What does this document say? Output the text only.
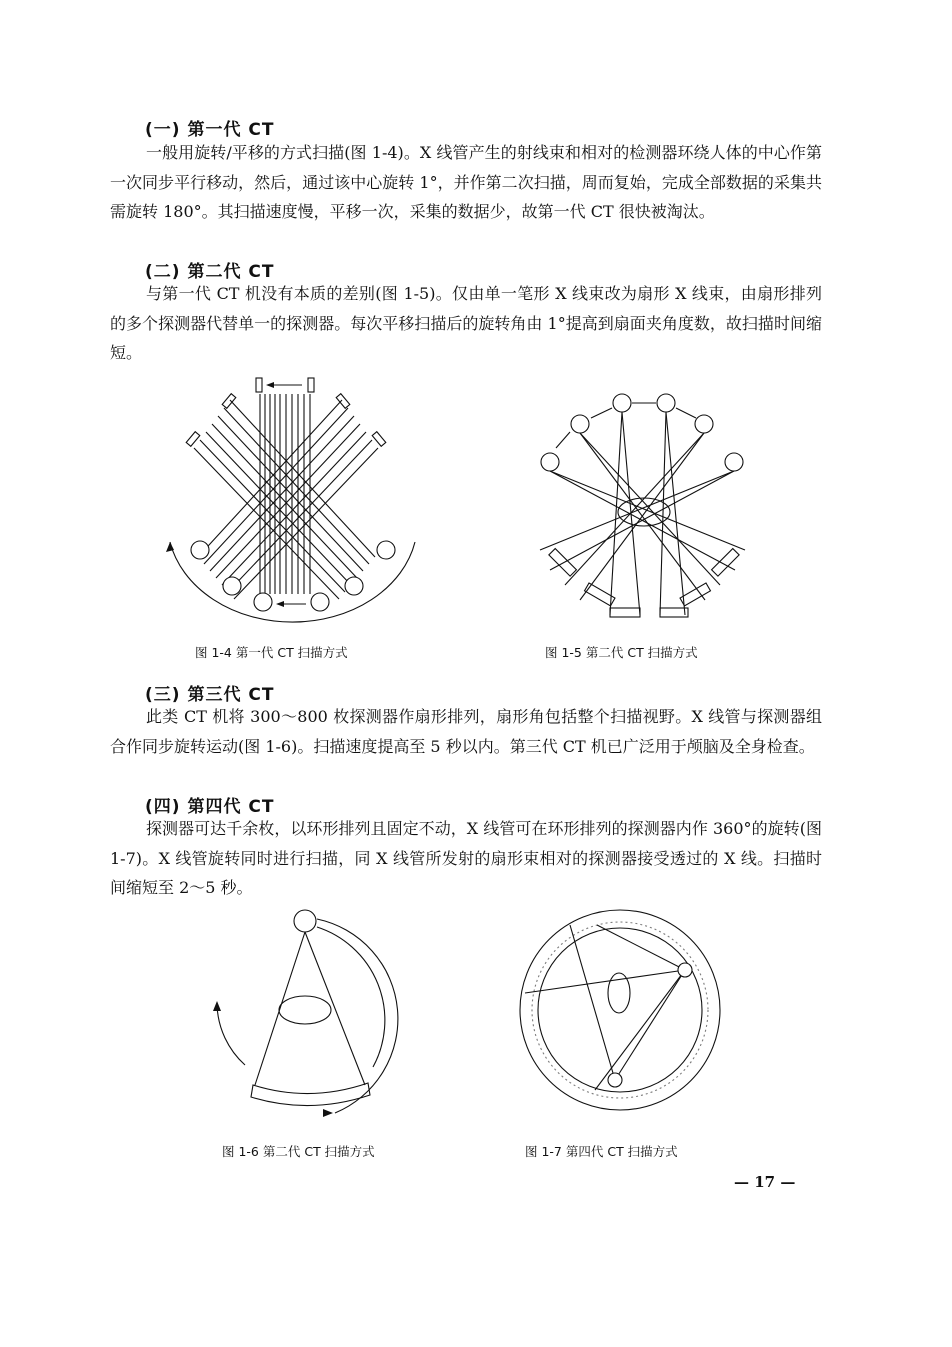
(一) 第一代 CT
一般用旋转/平移的方式扫描(图 1-4)。X 线管产生的射线束和相对的检测器环绕人体的中心作第一次同步平行移动，然后，通过该中心旋转 1°，并作第二次扫描，周而复始，完成全部数据的采集共需旋转 180°。其扫描速度慢，平移一次，采集的数据少，故第一代 CT 很快被淘汰。
(二) 第二代 CT
与第一代 CT 机没有本质的差别(图 1-5)。仅由单一笔形 X 线束改为扇形 X 线束，由扇形排列的多个探测器代替单一的探测器。每次平移扫描后的旋转角由 1°提高到扇面夹角度数，故扫描时间缩短。
图 1-4 第一代 CT 扫描方式	图 1-5 第二代 CT 扫描方式
(三) 第三代 CT
此类 CT 机将 300～800 枚探测器作扇形排列，扇形角包括整个扫描视野。X 线管与探测器组合作同步旋转运动(图 1-6)。扫描速度提高至 5 秒以内。第三代 CT 机已广泛用于颅脑及全身检查。
(四) 第四代 CT
探测器可达千余枚，以环形排列且固定不动，X 线管可在环形排列的探测器内作 360°的旋转(图 1-7)。X 线管旋转同时进行扫描，同 X 线管所发射的扇形束相对的探测器接受透过的 X 线。扫描时间缩短至 2～5 秒。
图 1-6 第二代 CT 扫描方式	图 1-7 第四代 CT 扫描方式
— 17 —
